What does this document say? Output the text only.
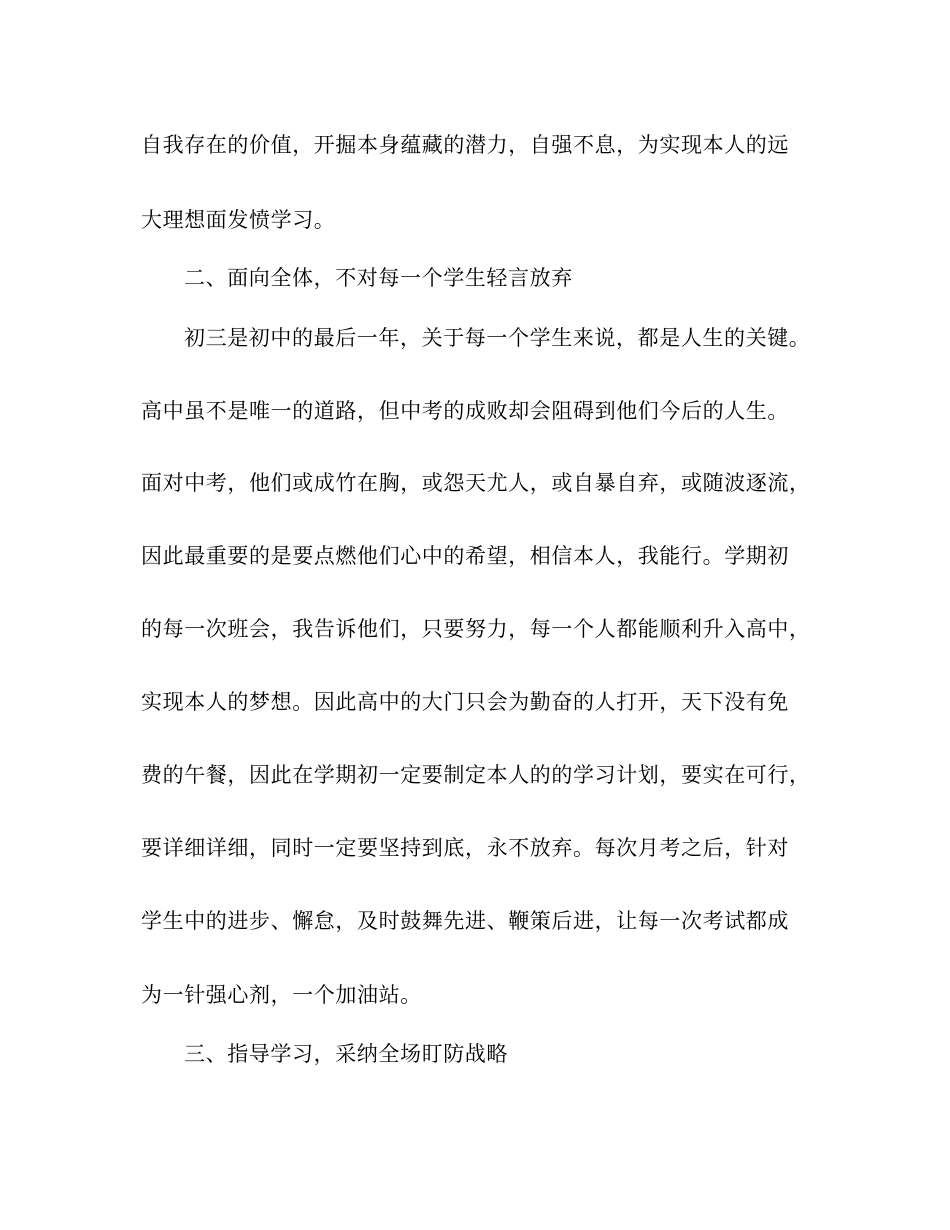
自我存在的价值，开掘本身蕴藏的潜力，自强不息，为实现本人的远
大理想面发愤学习。
二、面向全体，不对每一个学生轻言放弃
初三是初中的最后一年，关于每一个学生来说，都是人生的关键。
高中虽不是唯一的道路，但中考的成败却会阻碍到他们今后的人生。
面对中考，他们或成竹在胸，或怨天尤人，或自暴自弃，或随波逐流，
因此最重要的是要点燃他们心中的希望，相信本人，我能行。学期初
的每一次班会，我告诉他们，只要努力，每一个人都能顺利升入高中，
实现本人的梦想。因此高中的大门只会为勤奋的人打开，天下没有免
费的午餐，因此在学期初一定要制定本人的的学习计划，要实在可行，
要详细详细，同时一定要坚持到底，永不放弃。每次月考之后，针对
学生中的进步、懈怠，及时鼓舞先进、鞭策后进，让每一次考试都成
为一针强心剂，一个加油站。
三、指导学习，采纳全场盯防战略
